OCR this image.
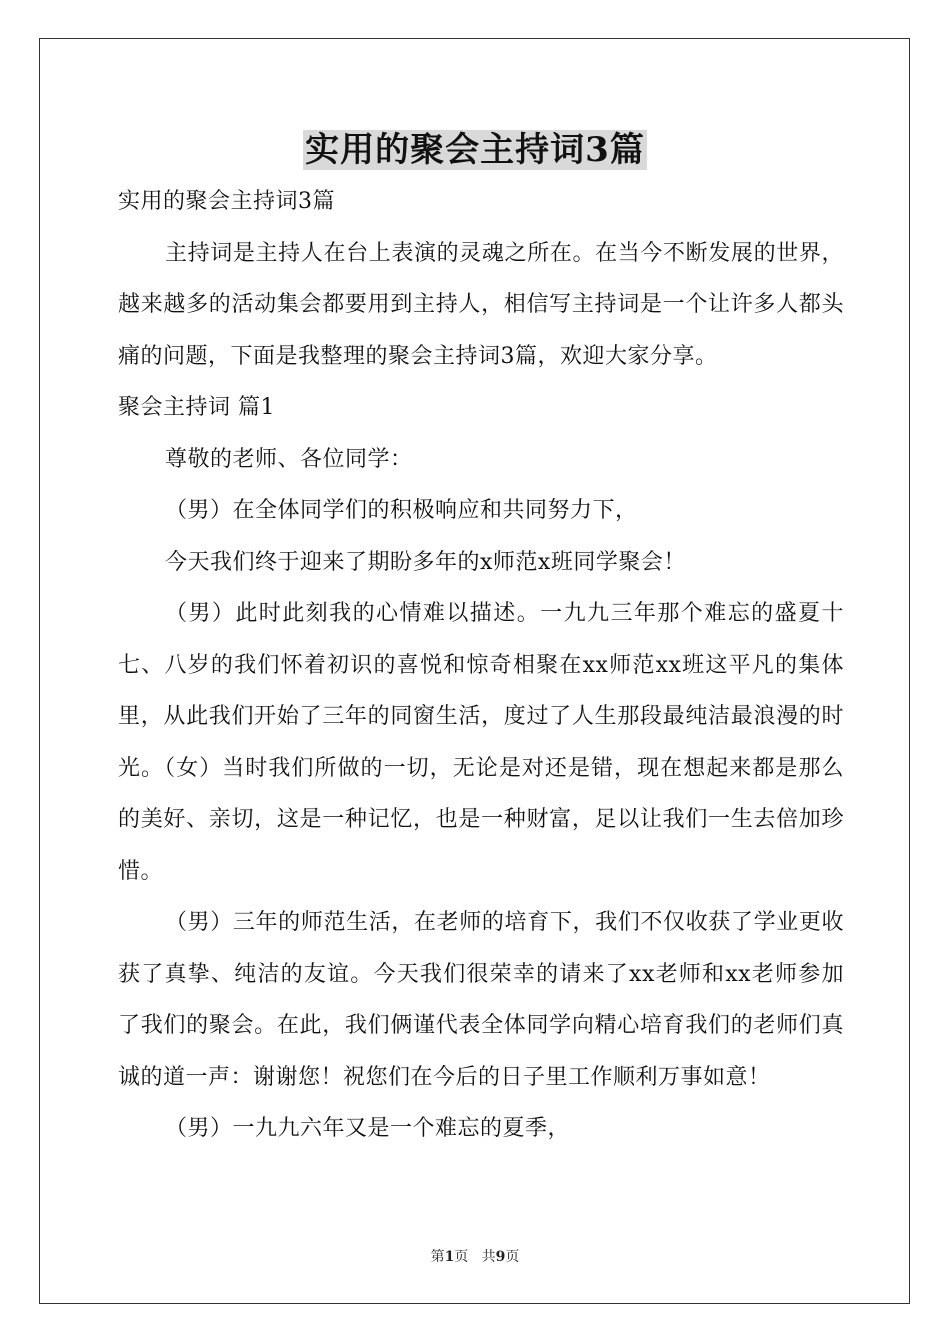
实用的聚会主持词3篇

实用的聚会主持词3篇

主持词是主持人在台上表演的灵魂之所在。在当今不断发展的世界，越来越多的活动集会都要用到主持人，相信写主持词是一个让许多人都头痛的问题，下面是我整理的聚会主持词3篇，欢迎大家分享。

聚会主持词 篇1

尊敬的老师、各位同学：

（男）在全体同学们的积极响应和共同努力下，

今天我们终于迎来了期盼多年的x师范x班同学聚会！

（男）此时此刻我的心情难以描述。一九九三年那个难忘的盛夏十七、八岁的我们怀着初识的喜悦和惊奇相聚在xx师范xx班这平凡的集体里，从此我们开始了三年的同窗生活，度过了人生那段最纯洁最浪漫的时光。（女）当时我们所做的一切，无论是对还是错，现在想起来都是那么的美好、亲切，这是一种记忆，也是一种财富，足以让我们一生去倍加珍惜。

（男）三年的师范生活，在老师的培育下，我们不仅收获了学业更收获了真挚、纯洁的友谊。今天我们很荣幸的请来了xx老师和xx老师参加了我们的聚会。在此，我们俩谨代表全体同学向精心培育我们的老师们真诚的道一声：谢谢您！祝您们在今后的日子里工作顺利万事如意！

（男）一九九六年又是一个难忘的夏季，

第1页 共9页
